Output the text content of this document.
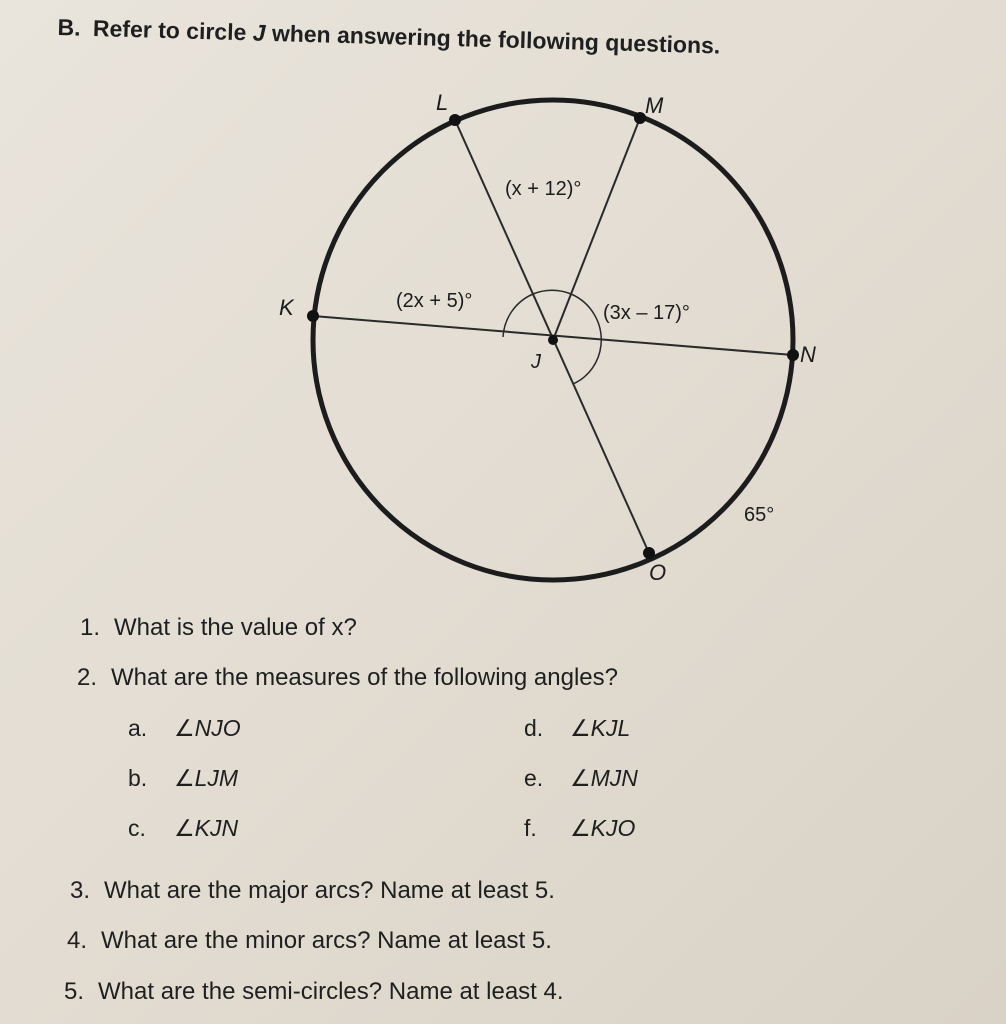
B. Refer to circle J when answering the following questions.
L	M
K
N
O
J
(x + 12)°
(2x + 5)°
(3x – 17)°
65°
1. What is the value of x?
2. What are the measures of the following angles?
a. ∠NJO
b. ∠LJM
c. ∠KJN
d. ∠KJL
e. ∠MJN
f. ∠KJO
3. What are the major arcs? Name at least 5.
4. What are the minor arcs? Name at least 5.
5. What are the semi-circles? Name at least 4.
